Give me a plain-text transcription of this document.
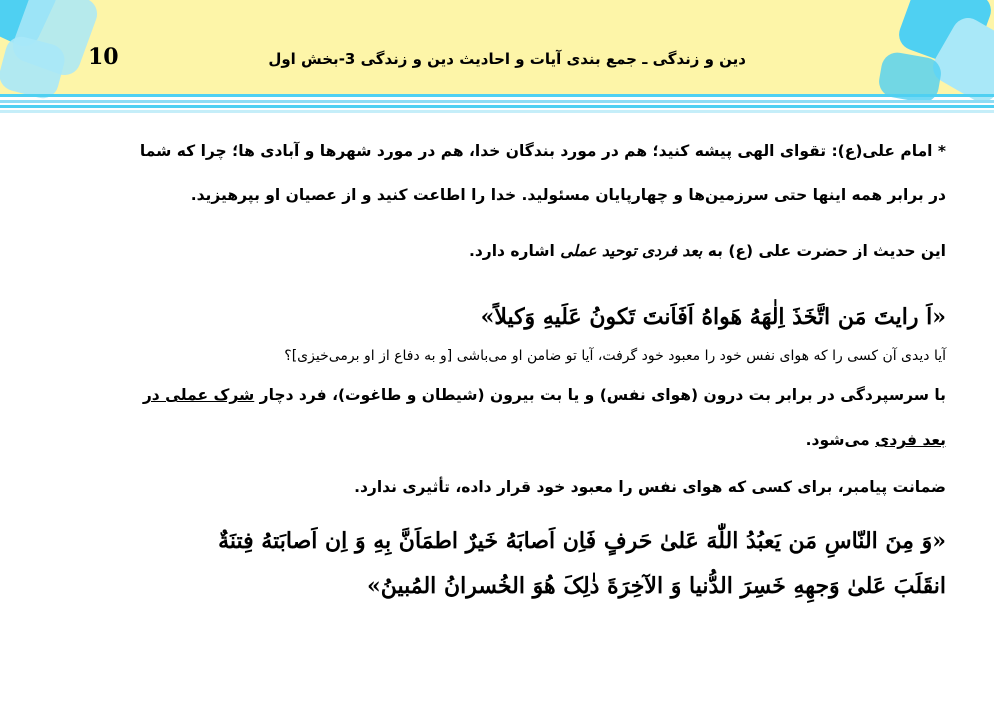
10	دین و زندگی ـ جمع بندی آیات و احادیث دین و زندگی 3-بخش اول
* امام علی(ع): تقوای الهی پیشه کنید؛ هم در مورد بندگان خدا، هم در مورد شهرها و آبادی ها؛ چرا که شما
در برابر همه اینها حتی سرزمین‌ها و چهارپایان مسئولید. خدا را اطاعت کنید و از عصیان او بپرهیزید.
این حدیث از حضرت علی (ع) به بعد فردی توحید عملی اشاره دارد.
«اَ رایتَ مَن اتَّخَذَ اِلٰهَهُ هَواهُ اَفَاَنتَ تَکونُ عَلَیهِ وَکیلاً»
آیا دیدی آن کسی را که هوای نفس خود را معبود خود گرفت، آیا تو ضامن او می‌باشی [و به دفاع از او برمی‌خیزی]؟
با سرسپردگی در برابر بت درون (هوای نفس) و یا بت بیرون (شیطان و طاغوت)، فرد دچار شرک عملی در
بعد فردی می‌شود.
ضمانت پیامبر، برای کسی که هوای نفس را معبود خود قرار داده، تأثیری ندارد.
«وَ مِنَ النّاسِ مَن یَعبُدُ اللّٰهَ عَلیٰ حَرفٍ فَاِن اَصابَهُ خَیرٌ اطمَاَنَّ بِهِ وَ اِن اَصابَتهُ فِتنَةٌ
انقَلَبَ عَلیٰ وَجهِهِ خَسِرَ الدُّنیا وَ الآخِرَةَ ذٰلِکَ هُوَ الخُسرانُ المُبینُ»
